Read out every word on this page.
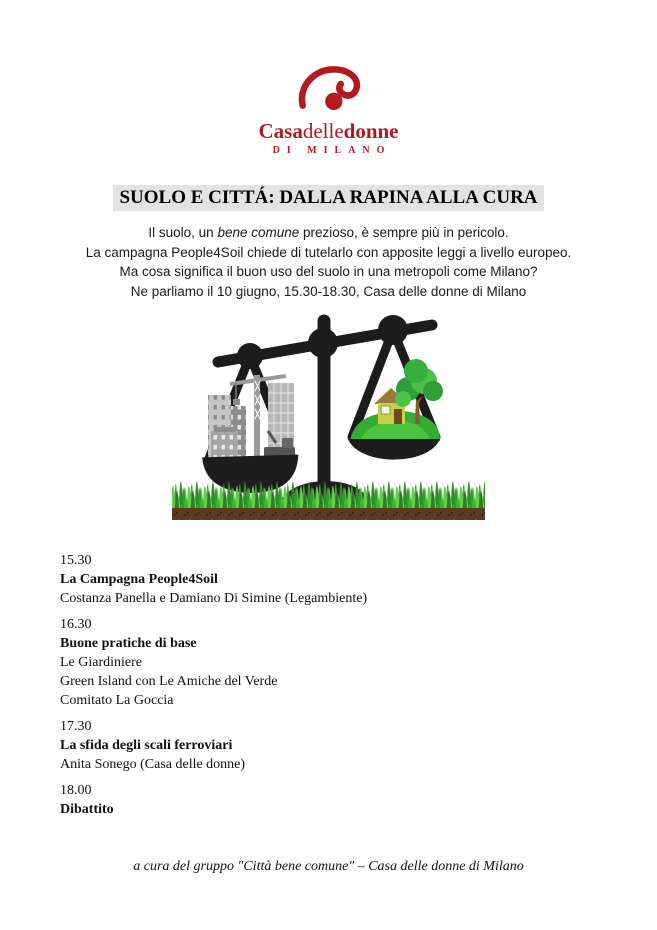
Casadelledonne
DI MILANO
SUOLO E CITTÁ: DALLA RAPINA ALLA CURA
Il suolo, un bene comune prezioso, è sempre più in pericolo.
La campagna People4Soil chiede di tutelarlo con apposite leggi a livello europeo.
Ma cosa significa il buon uso del suolo in una metropoli come Milano?
Ne parliamo il 10 giugno, 15.30-18.30, Casa delle donne di Milano
15.30
La Campagna People4Soil
Costanza Panella e Damiano Di Simine (Legambiente)
16.30
Buone pratiche di base
Le Giardiniere
Green Island con Le Amiche del Verde
Comitato La Goccia
17.30
La sfida degli scali ferroviari
Anita Sonego (Casa delle donne)
18.00
Dibattito
a cura del gruppo "Città bene comune" – Casa delle donne di Milano
